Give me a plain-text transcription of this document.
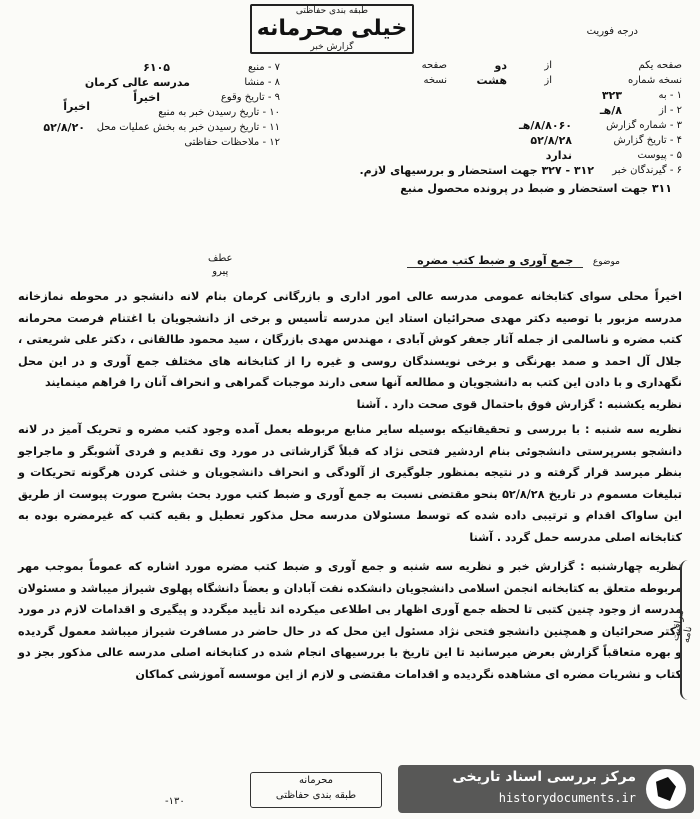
طبقه بندی حفاظتی
خیلی محرمانه
گزارش خبر
درجه فوریت
۷ - منبع
۶۱۰۵
۸ - منشا
مدرسه عالی کرمان
۹ - تاریخ وقوع
اخیراً
۱۰ - تاریخ رسیدن خبر به منبع
اخیراً
۱۱ - تاریخ رسیدن خبر به بخش عملیات محل
۵۲/۸/۲۰
۱۲ - ملاحظات حفاظتی
صفحه یکم
از
دو
صفحه
نسخه شماره
از
هشت
نسخه
۱ - به
۳۲۳
۲ - از
۸/هـ
۳ - شماره گزارش
۸/۸۰۶۰/هـ
۴ - تاریخ گزارش
۵۲/۸/۲۸
۵ - پیوست
ندارد
۶ - گیرندگان خبر
۳۱۲ - ۳۲۷ جهت استحضار و بررسیهای لازم.
۳۱۱ جهت استحضار و ضبط در پرونده محصول منبع
عطف
پیرو
موضوع جمع آوری و ضبط کتب مضره

اخیراً محلی سوای کتابخانه عمومی مدرسه عالی امور اداری و بازرگانی کرمان بنام لانه دانشجو در محوطه نمازخانه مدرسه مزبور با توصیه دکتر مهدی صحرائیان استاد این مدرسه تأسیس و برخی از دانشجویان با اغتنام فرصت محرمانه کتب مضره و ناسالمی از جمله آثار جعفر کوش آبادی ، مهندس مهدی بازرگان ، سید محمود طالقانی ، دکتر علی شریعتی ، جلال آل احمد و صمد بهرنگی و برخی نویسندگان روسی و غیره را از کتابخانه های مختلف جمع آوری و در این محل نگهداری و با دادن این کتب به دانشجویان و مطالعه آنها سعی دارند موجبات گمراهی و انحراف آنان را فراهم مینمایند

نظریه یکشنبه : گزارش فوق باحتمال قوی صحت دارد . آشنا

نظریه سه شنبه : با بررسی و تحقیقاتیکه بوسیله سایر منابع مربوطه بعمل آمده وجود کتب مضره و تحریک آمیز در لانه دانشجو بسرپرستی دانشجوئی بنام اردشیر فتحی نژاد که قبلاً گزارشاتی در مورد وی تقدیم و فردی آشوبگر و ماجراجو بنظر میرسد قرار گرفته و در نتیجه بمنظور جلوگیری از آلودگی و انحراف دانشجویان و خنثی کردن هرگونه تحریکات و تبلیغات مسموم در تاریخ ۵۲/۸/۲۸ بنحو مقتضی نسبت به جمع آوری و ضبط کتب مورد بحث بشرح صورت پیوست از طریق این ساواک اقدام و ترتیبی داده شده که توسط مسئولان مدرسه محل مذکور تعطیل و بقیه کتب که غیرمضره بوده به کتابخانه اصلی مدرسه حمل گردد . آشنا

نظریه چهارشنبه : گزارش خبر و نظریه سه شنبه و جمع آوری و ضبط کتب مضره مورد اشاره که عموماً بموجب مهر مربوطه متعلق به کتابخانه انجمن اسلامی دانشجویان دانشکده نفت آبادان و بعضاً دانشگاه پهلوی شیراز میباشد و مسئولان مدرسه از وجود چنین کتبی تا لحظه جمع آوری اظهار بی اطلاعی میکرده اند تأیید میگردد و پیگیری و اقدامات لازم در مورد دکتر صحرائیان و همچنین دانشجو فتحی نژاد مسئول این محل که در حال حاضر در مسافرت شیراز میباشد معمول گردیده و بهره متعاقباً گزارش بعرض میرسانید تا این تاریخ با بررسیهای انجام شده در کتابخانه اصلی مدرسه عالی مذکور بجز دو کتاب و نشریات مضره ای مشاهده نگردیده و اقدامات مقتضی و لازم از این موسسه آموزشی کماکان

مراقبت نامه
محرمانه
طبقه بندی حفاظتی
۱۳۰-
مرکز بررسی اسناد تاریخی
historydocuments.ir
